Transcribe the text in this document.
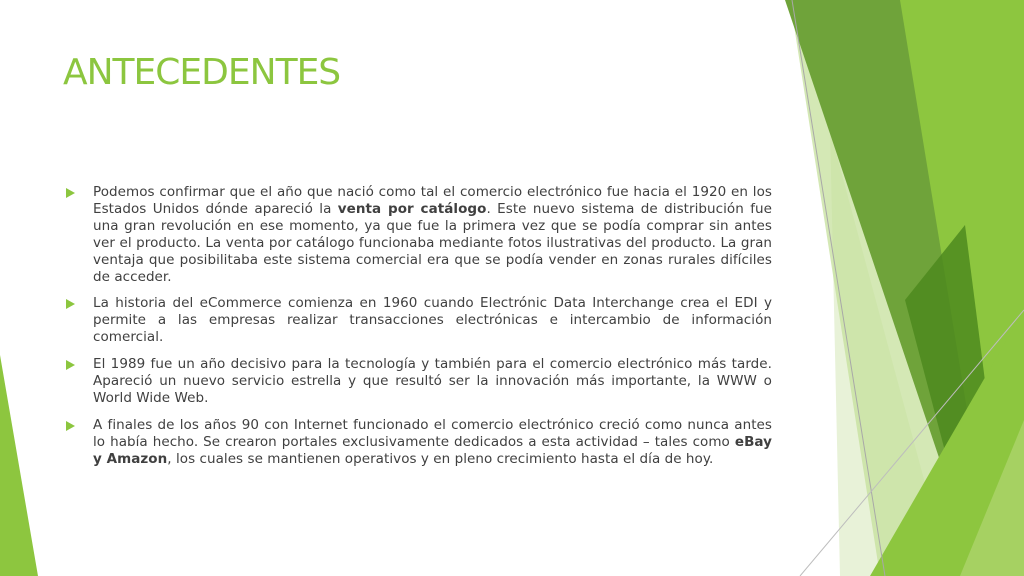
ANTECEDENTES
Podemos confirmar que el año que nació como tal el comercio electrónico fue hacia el 1920 en los Estados Unidos dónde apareció la venta por catálogo. Este nuevo sistema de distribución fue una gran revolución en ese momento, ya que fue la primera vez que se podía comprar sin antes ver el producto. La venta por catálogo funcionaba mediante fotos ilustrativas del producto. La gran ventaja que posibilitaba este sistema comercial era que se podía vender en zonas rurales difíciles de acceder.
La historia del eCommerce comienza en 1960 cuando Electrónic Data Interchange crea el EDI y permite a las empresas realizar transacciones electrónicas e intercambio de información comercial.
El 1989 fue un año decisivo para la tecnología y también para el comercio electrónico más tarde. Apareció un nuevo servicio estrella y que resultó ser la innovación más importante, la WWW o World Wide Web.
A finales de los años 90 con Internet funcionado el comercio electrónico creció como nunca antes lo había hecho. Se crearon portales exclusivamente dedicados a esta actividad – tales como eBay y Amazon, los cuales se mantienen operativos y en pleno crecimiento hasta el día de hoy.
